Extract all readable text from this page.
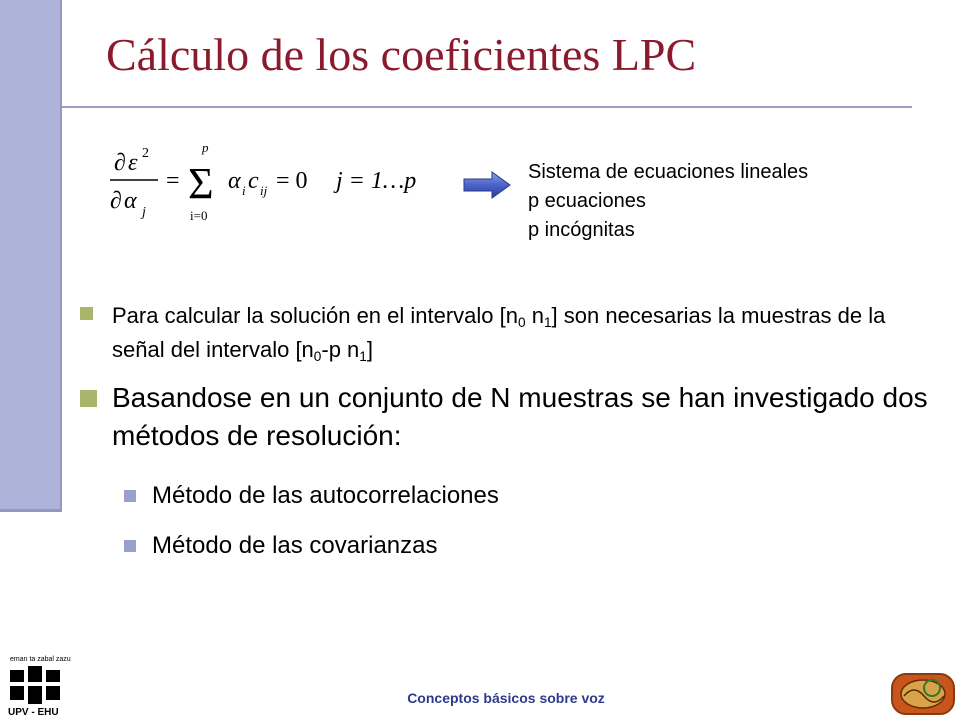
Cálculo de los coeficientes LPC
∂ ε 2
∂ α j
=
p
Σ
i=0
α i c ij = 0 j = 1…p	Sistema de ecuaciones lineales
p ecuaciones
p incógnitas
Para calcular la solución en el intervalo [$n_0$ $n_1$] son necesarias la muestras de la señal del intervalo [$n_0-p$ $n_1$]
Basandose en un conjunto de N muestras se han investigado dos métodos de resolución:
Método de las autocorrelaciones
Método de las covarianzas
Conceptos básicos sobre voz
eman ta zabal zazu
UPV - EHU
